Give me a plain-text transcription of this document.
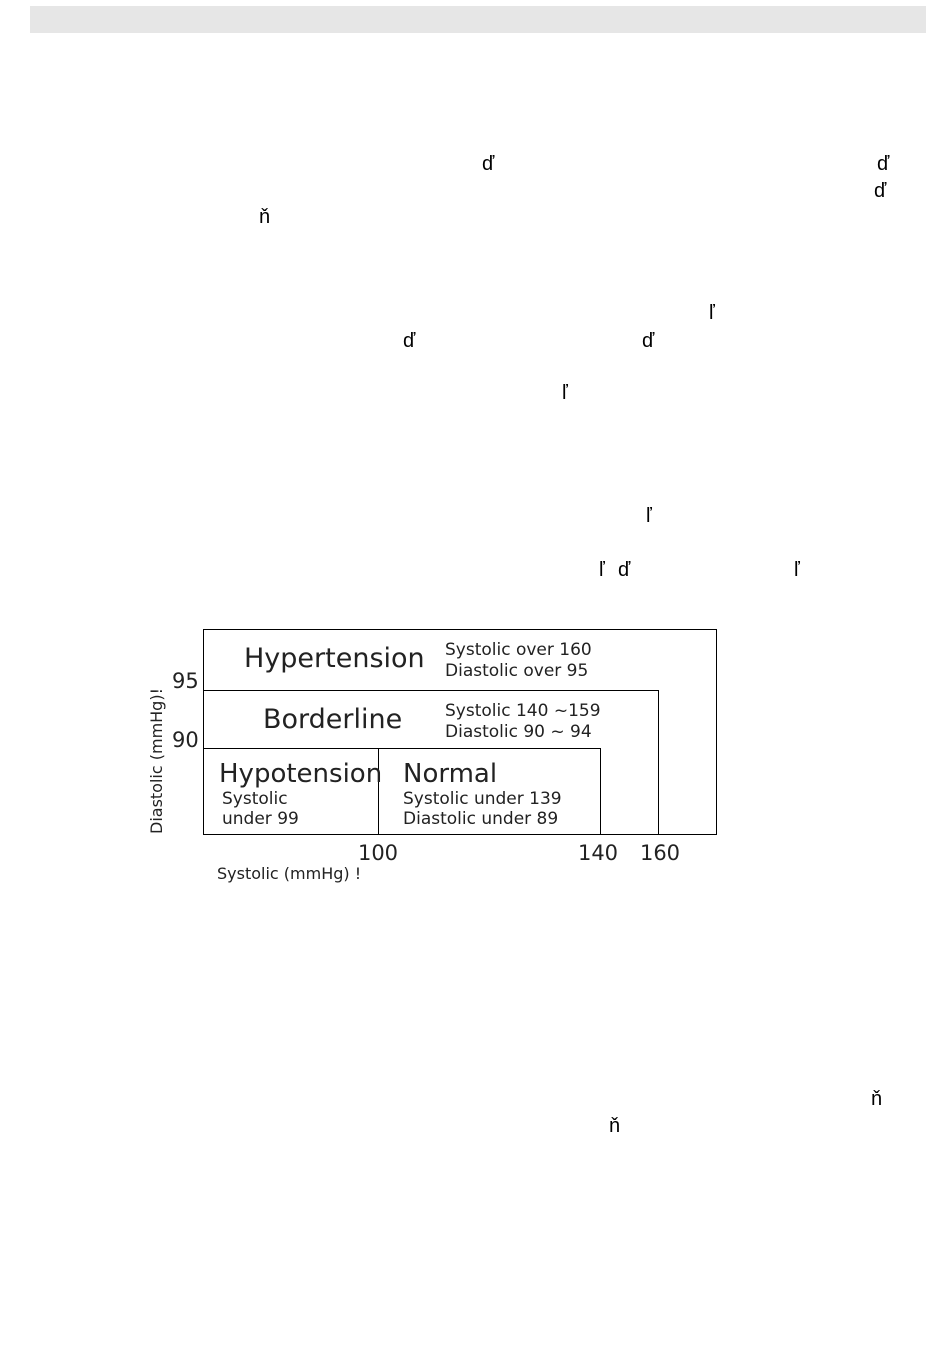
ď	ď
ď
ň
ľ
ď	ď
ľ
ľ
ľ ď	ľ
ň
ň
Hypertension Systolic over 160
Diastolic over 95
Borderline	Systolic 140 ~159
Diastolic 90 ~ 94
Hypotension
Systolic
under 99
Normal
Systolic under 139
Diastolic under 89
95
90
100	140 160
Systolic (mmHg) !
Diastolic (mmHg)!
